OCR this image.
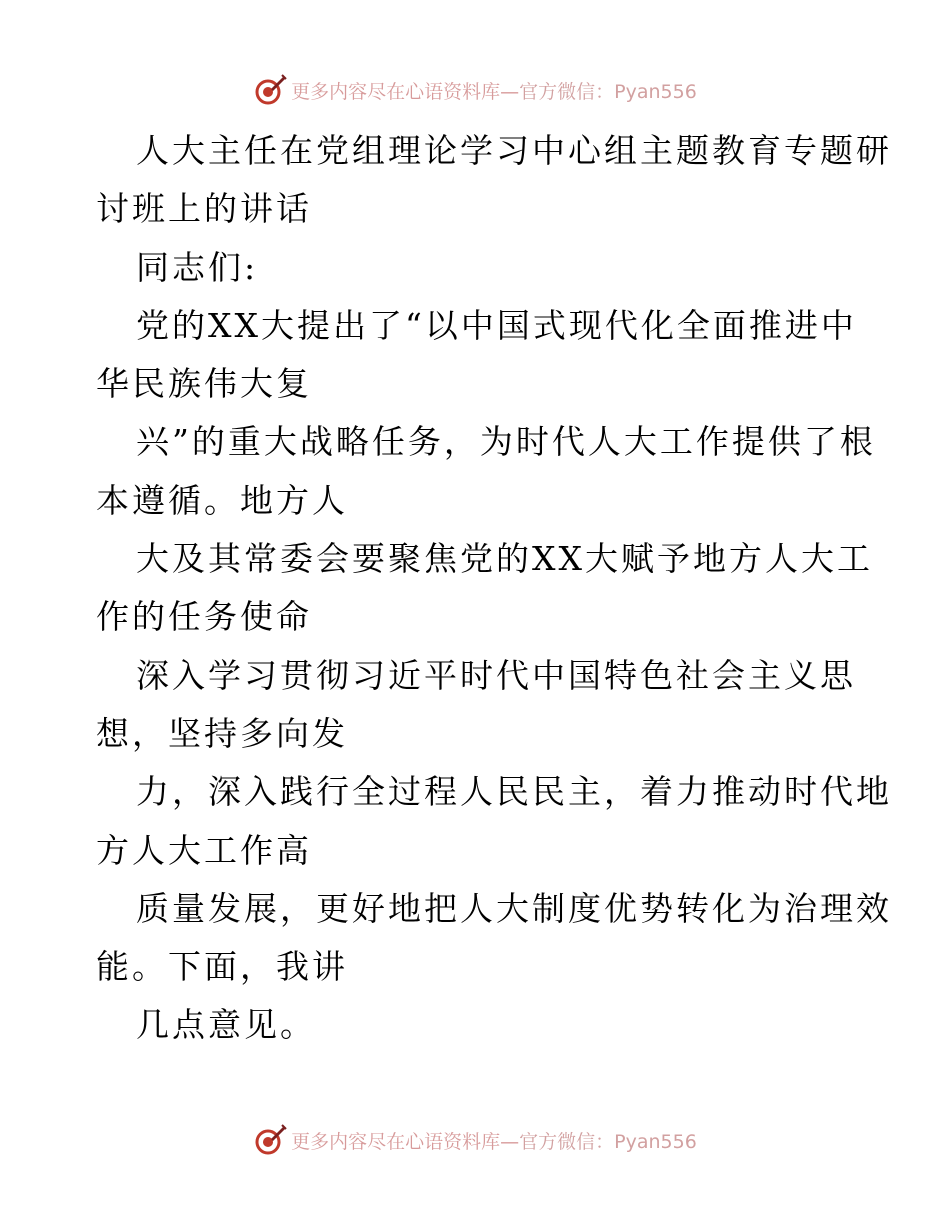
更多内容尽在心语资料库—官方微信：Pyan556
人大主任在党组理论学习中心组主题教育专题研
讨班上的讲话
同志们:
党的XX大提出了“以中国式现代化全面推进中
华民族伟大复
兴”的重大战略任务，为时代人大工作提供了根
本遵循。地方人
大及其常委会要聚焦党的XX大赋予地方人大工
作的任务使命
深入学习贯彻习近平时代中国特色社会主义思
想，坚持多向发
力，深入践行全过程人民民主，着力推动时代地
方人大工作高
质量发展，更好地把人大制度优势转化为治理效
能。下面，我讲
几点意见。
更多内容尽在心语资料库—官方微信：Pyan556
